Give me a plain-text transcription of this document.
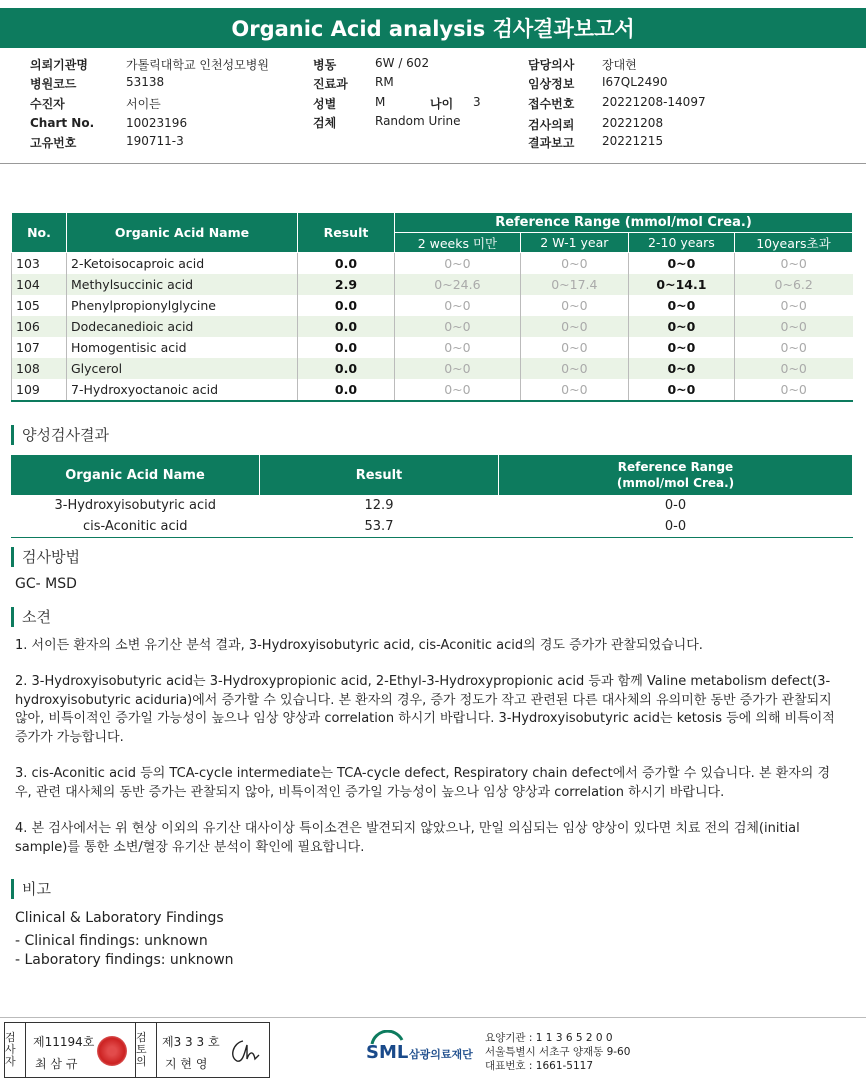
Organic Acid analysis 검사결과보고서
의뢰기관명	가톨릭대학교 인천성모병원
병원코드	53138
수진자	서이든
Chart No.	10023196
고유번호	190711-3
병동	6W / 602
진료과 RM
성별	M	나이 3
검체	Random Urine
담당의사 장대현
임상정보 I67QL2490
접수번호 20221208-14097
검사의뢰 20221208
결과보고 20221215
No.	Organic Acid Name	Result	Reference Range (mmol/mol Crea.)			
			2 weeks 미만	2 W-1 year	2-10 years	10years초과
103	2-Ketoisocaproic acid	0.0	0~0	0~0	0~0	0~0
104	Methylsuccinic acid	2.9	0~24.6	0~17.4	0~14.1	0~6.2
105	Phenylpropionylglycine	0.0	0~0	0~0	0~0	0~0
106	Dodecanedioic acid	0.0	0~0	0~0	0~0	0~0
107	Homogentisic acid	0.0	0~0	0~0	0~0	0~0
108	Glycerol	0.0	0~0	0~0	0~0	0~0
109	7-Hydroxyoctanoic acid	0.0	0~0	0~0	0~0	0~0
양성검사결과
Organic Acid Name	Result	Reference Range
(mmol/mol Crea.)
3-Hydroxyisobutyric acid	12.9	0-0
cis-Aconitic acid	53.7	0-0
검사방법
GC- MSD
소견
1. 서이든 환자의 소변 유기산 분석 결과, 3-Hydroxyisobutyric acid, cis-Aconitic acid의 경도 증가가 관찰되었습니다.
2. 3-Hydroxyisobutyric acid는 3-Hydroxypropionic acid, 2-Ethyl-3-Hydroxypropionic acid 등과 함께 Valine metabolism defect(3-hydroxyisobutyric aciduria)에서 증가할 수 있습니다. 본 환자의 경우, 증가 정도가 작고 관련된 다른 대사체의 유의미한 동반 증가가 관찰되지 않아, 비특이적인 증가일 가능성이 높으나 임상 양상과 correlation 하시기 바랍니다. 3-Hydroxyisobutyric acid는 ketosis 등에 의해 비특이적 증가가 가능합니다.
3. cis-Aconitic acid 등의 TCA-cycle intermediate는 TCA-cycle defect, Respiratory chain defect에서 증가할 수 있습니다. 본 환자의 경우, 관련 대사체의 동반 증가는 관찰되지 않아, 비특이적인 증가일 가능성이 높으나 임상 양상과 correlation 하시기 바랍니다.
4. 본 검사에서는 위 현상 이외의 유기산 대사이상 특이소견은 발견되지 않았으나, 만일 의심되는 임상 양상이 있다면 치료 전의 검체(initial sample)를 통한 소변/혈장 유기산 분석이 확인에 필요합니다.
비고
Clinical & Laboratory Findings
- Clinical findings: unknown
- Laboratory findings: unknown
검사자
제11194호
최 삼 규
검토의
제3 3 3 호
지 현 영
SML 삼광의료재단
요양기관 : 1 1 3 6 5 2 0 0
서울특별시 서초구 양재동 9-60
대표번호 : 1661-5117
